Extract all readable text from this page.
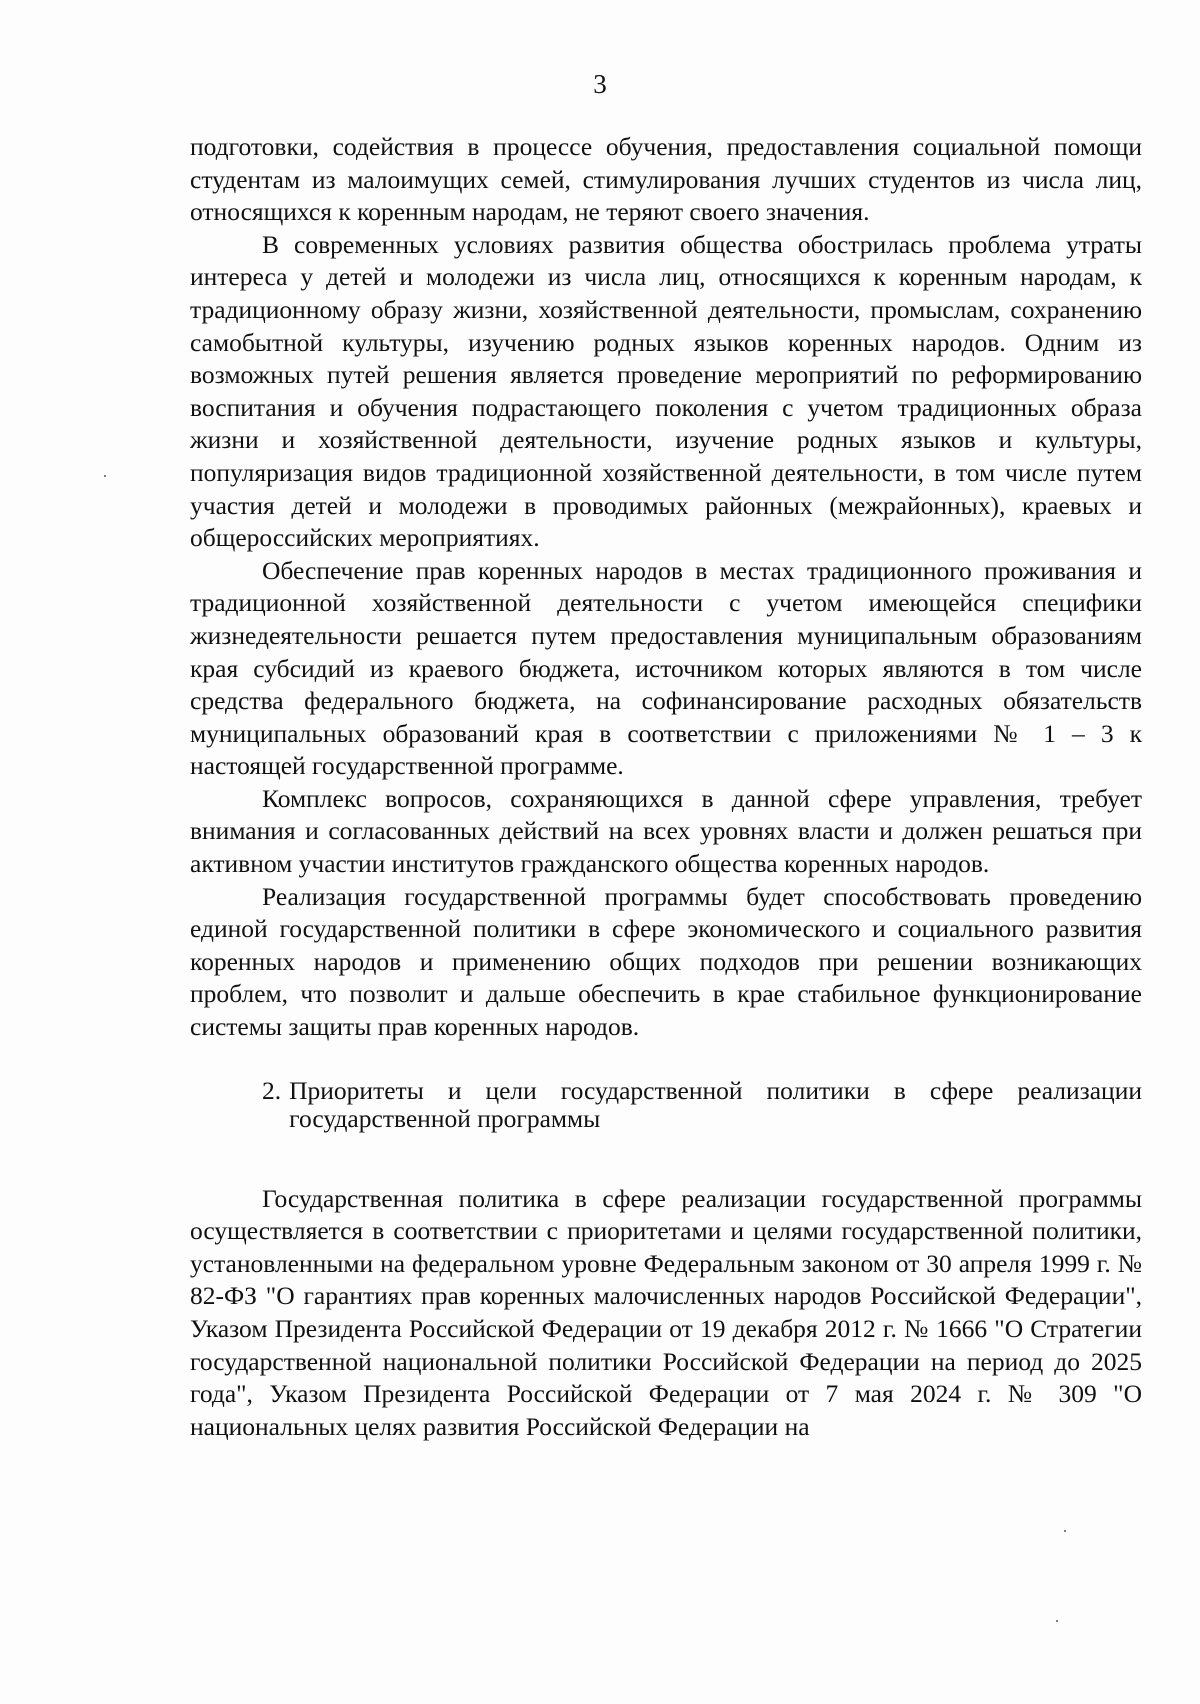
3

подготовки, содействия в процессе обучения, предоставления социальной помощи студентам из малоимущих семей, стимулирования лучших студентов из числа лиц, относящихся к коренным народам, не теряют своего значения.

В современных условиях развития общества обострилась проблема утраты интереса у детей и молодежи из числа лиц, относящихся к коренным народам, к традиционному образу жизни, хозяйственной деятельности, промыслам, сохранению самобытной культуры, изучению родных языков коренных народов. Одним из возможных путей решения является проведение мероприятий по реформированию воспитания и обучения подрастающего поколения с учетом традиционных образа жизни и хозяйственной деятельности, изучение родных языков и культуры, популяризация видов традиционной хозяйственной деятельности, в том числе путем участия детей и молодежи в проводимых районных (межрайонных), краевых и общероссийских мероприятиях.

Обеспечение прав коренных народов в местах традиционного проживания и традиционной хозяйственной деятельности с учетом имеющейся специфики жизнедеятельности решается путем предоставления муниципальным образованиям края субсидий из краевого бюджета, источником которых являются в том числе средства федерального бюджета, на софинансирование расходных обязательств муниципальных образований края в соответствии с приложениями № 1 – 3 к настоящей государственной программе.

Комплекс вопросов, сохраняющихся в данной сфере управления, требует внимания и согласованных действий на всех уровнях власти и должен решаться при активном участии институтов гражданского общества коренных народов.

Реализация государственной программы будет способствовать проведению единой государственной политики в сфере экономического и социального развития коренных народов и применению общих подходов при решении возникающих проблем, что позволит и дальше обеспечить в крае стабильное функционирование системы защиты прав коренных народов.

2. Приоритеты и цели государственной политики в сфере реализации государственной программы

Государственная политика в сфере реализации государственной программы осуществляется в соответствии с приоритетами и целями государственной политики, установленными на федеральном уровне Федеральным законом от 30 апреля 1999 г. № 82-ФЗ "О гарантиях прав коренных малочисленных народов Российской Федерации", Указом Президента Российской Федерации от 19 декабря 2012 г. № 1666 "О Стратегии государственной национальной политики Российской Федерации на период до 2025 года", Указом Президента Российской Федерации от 7 мая 2024 г. № 309 "О национальных целях развития Российской Федерации на
